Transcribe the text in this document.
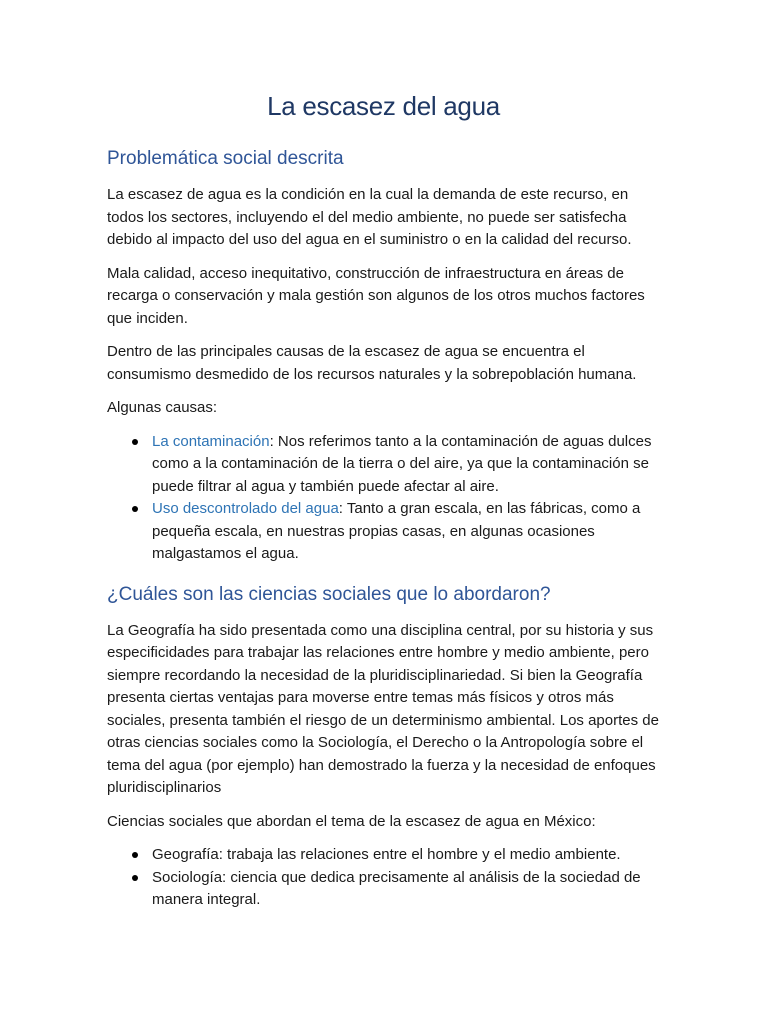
La escasez del agua
Problemática social descrita

La escasez de agua es la condición en la cual la demanda de este recurso, en todos los sectores, incluyendo el del medio ambiente, no puede ser satisfecha debido al impacto del uso del agua en el suministro o en la calidad del recurso.

Mala calidad, acceso inequitativo, construcción de infraestructura en áreas de recarga o conservación y mala gestión son algunos de los otros muchos factores que inciden.

Dentro de las principales causas de la escasez de agua se encuentra el consumismo desmedido de los recursos naturales y la sobrepoblación humana.

Algunas causas:

La contaminación: Nos referimos tanto a la contaminación de aguas dulces como a la contaminación de la tierra o del aire, ya que la contaminación se puede filtrar al agua y también puede afectar al aire.
Uso descontrolado del agua: Tanto a gran escala, en las fábricas, como a pequeña escala, en nuestras propias casas, en algunas ocasiones malgastamos el agua.
¿Cuáles son las ciencias sociales que lo abordaron?

La Geografía ha sido presentada como una disciplina central, por su historia y sus especificidades para trabajar las relaciones entre hombre y medio ambiente, pero siempre recordando la necesidad de la pluridisciplinariedad. Si bien la Geografía presenta ciertas ventajas para moverse entre temas más físicos y otros más sociales, presenta también el riesgo de un determinismo ambiental. Los aportes de otras ciencias sociales como la Sociología, el Derecho o la Antropología sobre el tema del agua (por ejemplo) han demostrado la fuerza y la necesidad de enfoques pluridisciplinarios

Ciencias sociales que abordan el tema de la escasez de agua en México:

Geografía: trabaja las relaciones entre el hombre y el medio ambiente.
Sociología: ciencia que dedica precisamente al análisis de la sociedad de manera integral.
